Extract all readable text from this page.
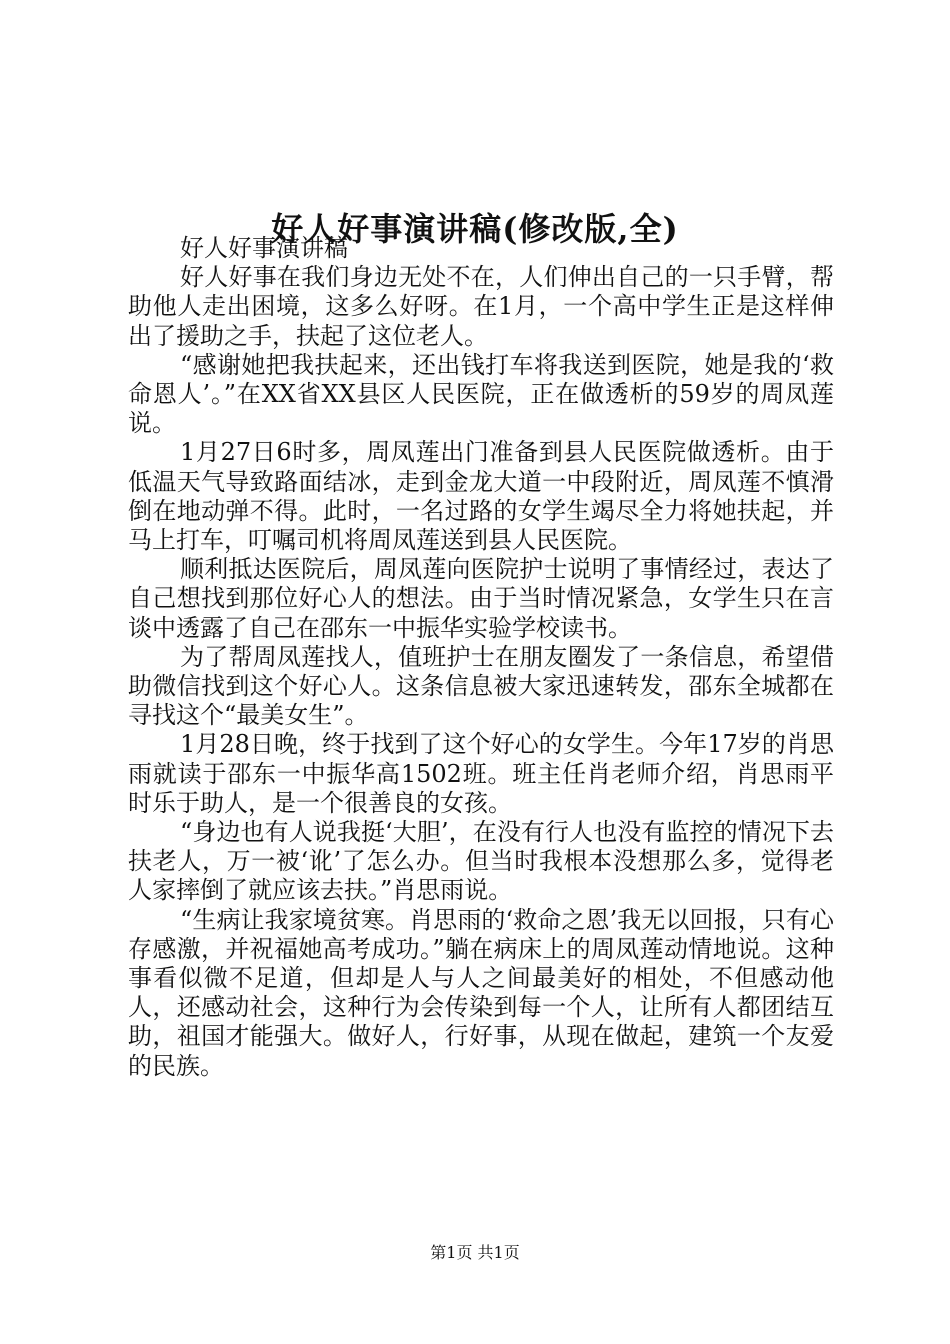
好人好事演讲稿(修改版,全)

好人好事演讲稿

好人好事在我们身边无处不在，人们伸出自己的一只手臂，帮助他人走出困境，这多么好呀。在1月，一个高中学生正是这样伸出了援助之手，扶起了这位老人。

“感谢她把我扶起来，还出钱打车将我送到医院，她是我的‘救命恩人’。”在XX省XX县区人民医院，正在做透析的59岁的周凤莲说。

1月27日6时多，周凤莲出门准备到县人民医院做透析。由于低温天气导致路面结冰，走到金龙大道一中段附近，周凤莲不慎滑倒在地动弹不得。此时，一名过路的女学生竭尽全力将她扶起，并马上打车，叮嘱司机将周凤莲送到县人民医院。

顺利抵达医院后，周凤莲向医院护士说明了事情经过，表达了自己想找到那位好心人的想法。由于当时情况紧急，女学生只在言谈中透露了自己在邵东一中振华实验学校读书。

为了帮周凤莲找人，值班护士在朋友圈发了一条信息，希望借助微信找到这个好心人。这条信息被大家迅速转发，邵东全城都在寻找这个“最美女生”。

1月28日晚，终于找到了这个好心的女学生。今年17岁的肖思雨就读于邵东一中振华高1502班。班主任肖老师介绍，肖思雨平时乐于助人，是一个很善良的女孩。

“身边也有人说我挺‘大胆’，在没有行人也没有监控的情况下去扶老人，万一被‘讹’了怎么办。但当时我根本没想那么多，觉得老人家摔倒了就应该去扶。”肖思雨说。

“生病让我家境贫寒。肖思雨的‘救命之恩’我无以回报，只有心存感激，并祝福她高考成功。”躺在病床上的周凤莲动情地说。这种事看似微不足道，但却是人与人之间最美好的相处，不但感动他人，还感动社会，这种行为会传染到每一个人，让所有人都团结互助，祖国才能强大。做好人，行好事，从现在做起，建筑一个友爱的民族。

第1页 共1页
